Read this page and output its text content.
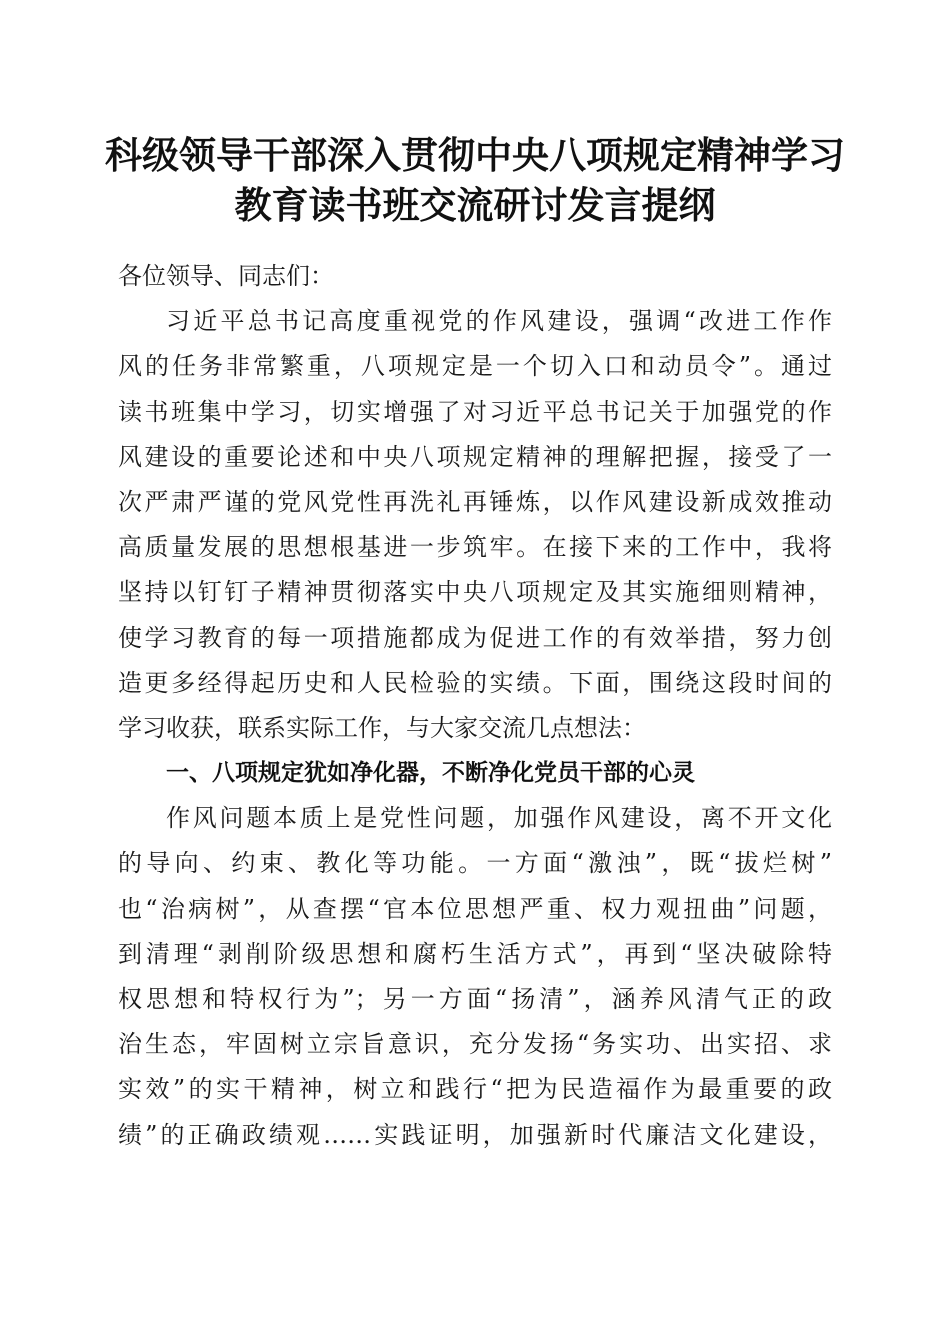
科级领导干部深入贯彻中央八项规定精神学习
教育读书班交流研讨发言提纲
各位领导、同志们：
习近平总书记高度重视党的作风建设，强调“改进工作作
风的任务非常繁重，八项规定是一个切入口和动员令”。通过
读书班集中学习，切实增强了对习近平总书记关于加强党的作
风建设的重要论述和中央八项规定精神的理解把握，接受了一
次严肃严谨的党风党性再洗礼再锤炼，以作风建设新成效推动
高质量发展的思想根基进一步筑牢。在接下来的工作中，我将
坚持以钉钉子精神贯彻落实中央八项规定及其实施细则精神，
使学习教育的每一项措施都成为促进工作的有效举措，努力创
造更多经得起历史和人民检验的实绩。下面，围绕这段时间的
学习收获，联系实际工作，与大家交流几点想法：
一、八项规定犹如净化器，不断净化党员干部的心灵
作风问题本质上是党性问题，加强作风建设，离不开文化
的导向、约束、教化等功能。一方面“激浊”，既“拔烂树”
也“治病树”，从查摆“官本位思想严重、权力观扭曲”问题，
到清理“剥削阶级思想和腐朽生活方式”，再到“坚决破除特
权思想和特权行为”；另一方面“扬清”，涵养风清气正的政
治生态，牢固树立宗旨意识，充分发扬“务实功、出实招、求
实效”的实干精神，树立和践行“把为民造福作为最重要的政
绩”的正确政绩观……实践证明，加强新时代廉洁文化建设，
